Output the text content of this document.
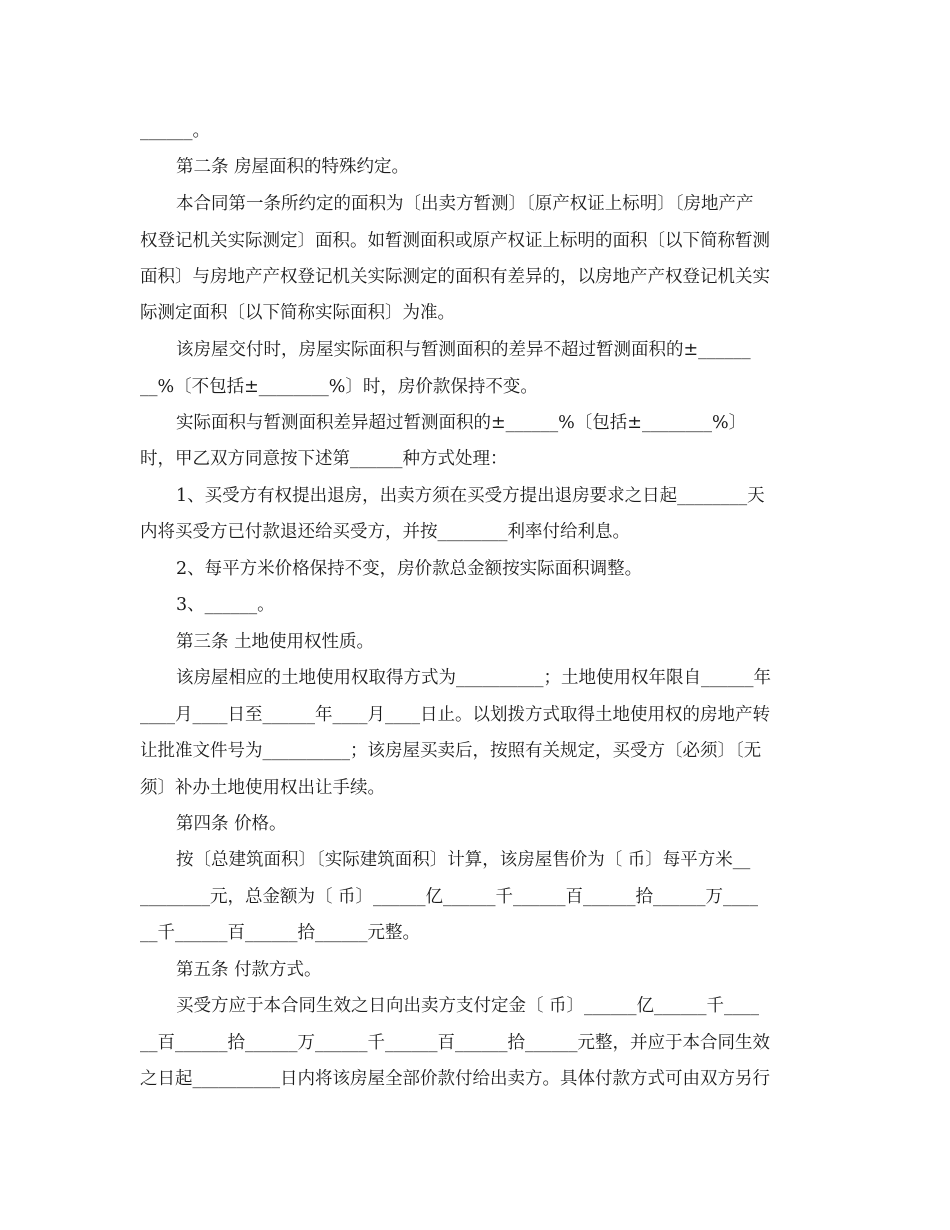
______。
第二条 房屋面积的特殊约定。
本合同第一条所约定的面积为〔出卖方暂测〕〔原产权证上标明〕〔房地产产
权登记机关实际测定〕面积。如暂测面积或原产权证上标明的面积〔以下简称暂测
面积〕与房地产产权登记机关实际测定的面积有差异的，以房地产产权登记机关实
际测定面积〔以下简称实际面积〕为准。
该房屋交付时，房屋实际面积与暂测面积的差异不超过暂测面积的±______
__%〔不包括±________%〕时，房价款保持不变。
实际面积与暂测面积差异超过暂测面积的±______%〔包括±________%〕
时，甲乙双方同意按下述第______种方式处理：
1、买受方有权提出退房，出卖方须在买受方提出退房要求之日起________天
内将买受方已付款退还给买受方，并按________利率付给利息。
2、每平方米价格保持不变，房价款总金额按实际面积调整。
3、______。
第三条 土地使用权性质。
该房屋相应的土地使用权取得方式为__________；土地使用权年限自______年
____月____日至______年____月____日止。以划拨方式取得土地使用权的房地产转
让批准文件号为__________；该房屋买卖后，按照有关规定，买受方〔必须〕〔无
须〕补办土地使用权出让手续。
第四条 价格。
按〔总建筑面积〕〔实际建筑面积〕计算，该房屋售价为〔 币〕每平方米__
________元，总金额为〔 币〕______亿______千______百______拾______万____
__千______百______拾______元整。
第五条 付款方式。
买受方应于本合同生效之日向出卖方支付定金〔 币〕______亿______千____
__百______拾______万______千______百______拾______元整，并应于本合同生效
之日起__________日内将该房屋全部价款付给出卖方。具体付款方式可由双方另行
